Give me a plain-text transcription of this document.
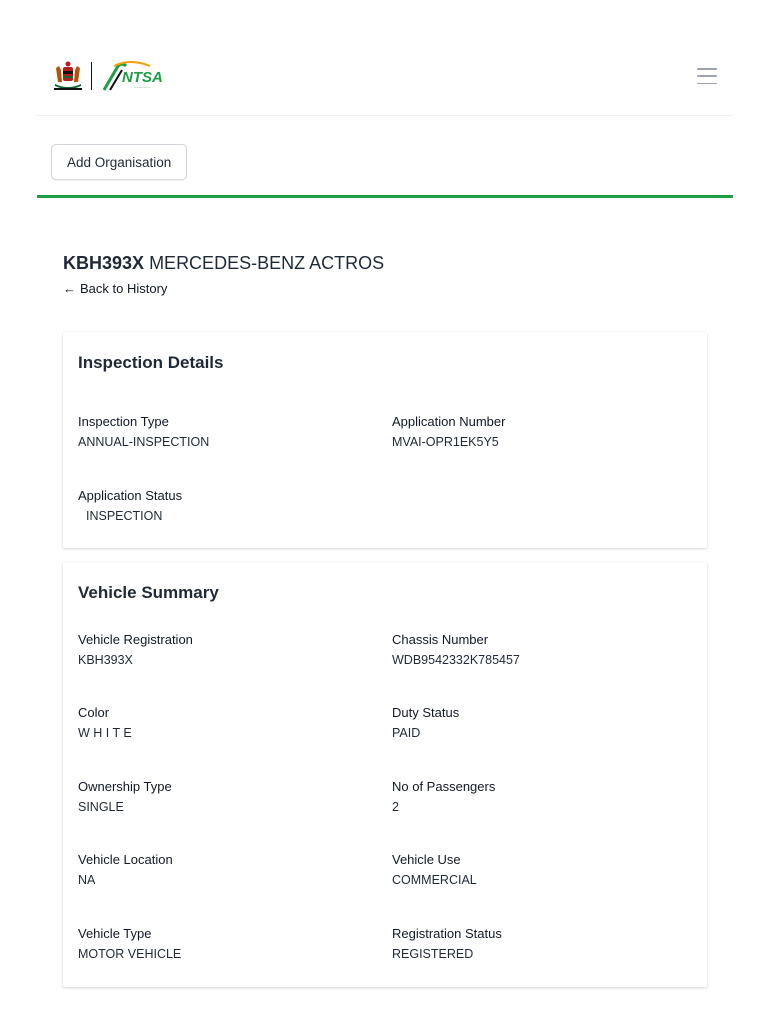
NTSA
~~~~~~~
Add Organisation
KBH393X MERCEDES-BENZ ACTROS
← Back to History
Inspection Details
Inspection Type
ANNUAL-INSPECTION
Application Number
MVAI-OPR1EK5Y5
Application Status
INSPECTION
Vehicle Summary
Vehicle Registration
KBH393X
Chassis Number
WDB9542332K785457
Color
W H I T E
Duty Status
PAID
Ownership Type
SINGLE
No of Passengers
2
Vehicle Location
NA
Vehicle Use
COMMERCIAL
Vehicle Type
MOTOR VEHICLE
Registration Status
REGISTERED
